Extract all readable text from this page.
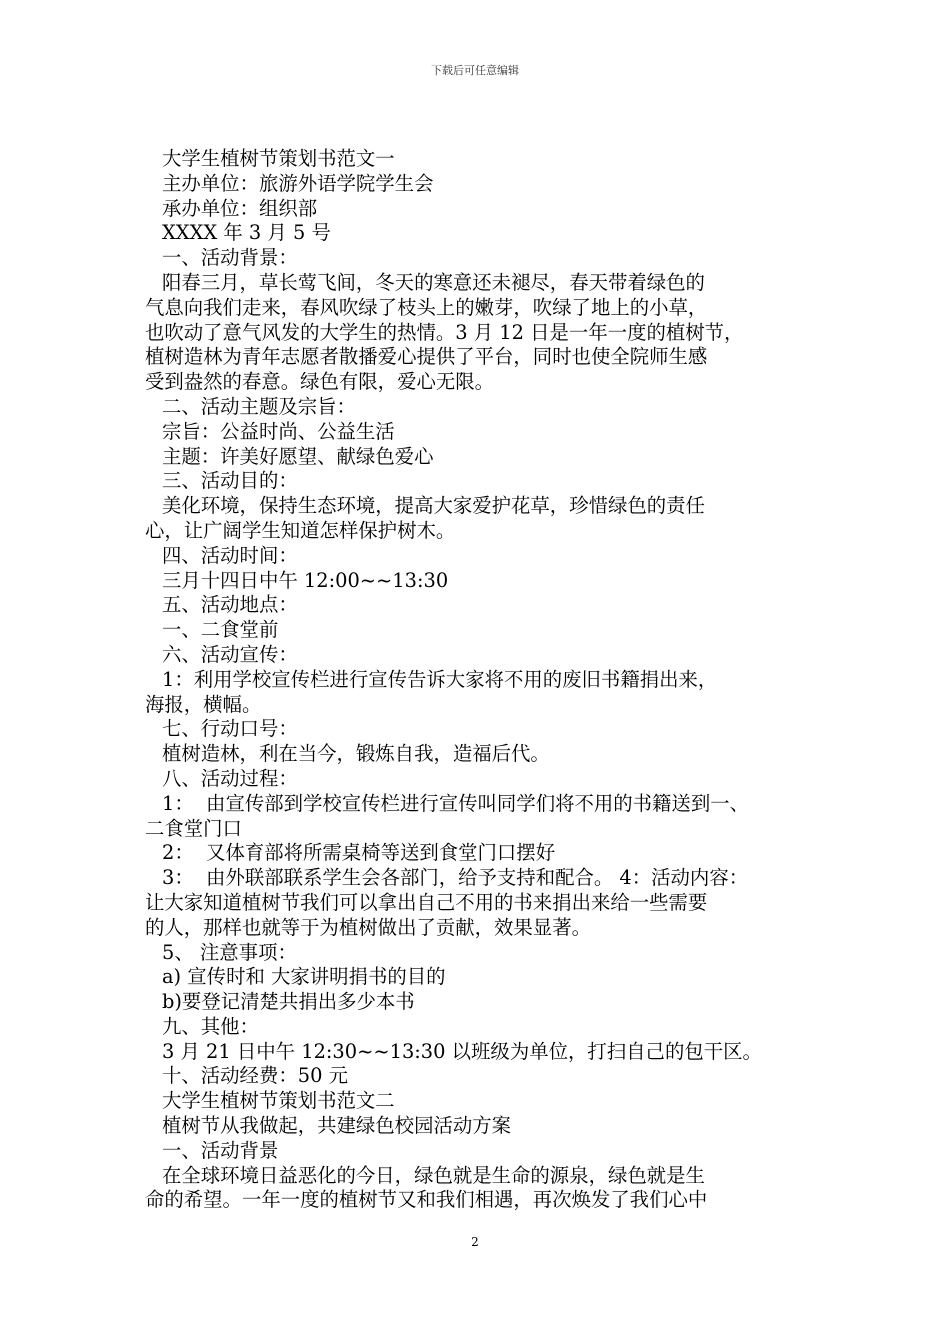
下载后可任意编辑

大学生植树节策划书范文一

主办单位：旅游外语学院学生会

承办单位：组织部

XXXX 年 3 月 5 号

一、活动背景：

阳春三月，草长莺飞间，冬天的寒意还未褪尽，春天带着绿色的

气息向我们走来，春风吹绿了枝头上的嫩芽，吹绿了地上的小草，

也吹动了意气风发的大学生的热情。3 月 12 日是一年一度的植树节，

植树造林为青年志愿者散播爱心提供了平台，同时也使全院师生感

受到盎然的春意。绿色有限，爱心无限。

二、活动主题及宗旨：

宗旨：公益时尚、公益生活

主题：许美好愿望、献绿色爱心

三、活动目的：

美化环境，保持生态环境，提高大家爱护花草，珍惜绿色的责任

心，让广阔学生知道怎样保护树木。

四、活动时间：

三月十四日中午 12:00~~13:30

五、活动地点：

一、二食堂前

六、活动宣传：

1：利用学校宣传栏进行宣传告诉大家将不用的废旧书籍捐出来，

海报，横幅。

七、行动口号：

植树造林，利在当今，锻炼自我，造福后代。

八、活动过程：

1：  由宣传部到学校宣传栏进行宣传叫同学们将不用的书籍送到一、

二食堂门口

2：  又体育部将所需桌椅等送到食堂门口摆好

3：  由外联部联系学生会各部门，给予支持和配合。 4：活动内容：

让大家知道植树节我们可以拿出自己不用的书来捐出来给一些需要

的人，那样也就等于为植树做出了贡献，效果显著。

5、 注意事项：

a) 宣传时和 大家讲明捐书的目的

b)要登记清楚共捐出多少本书

九、其他：

3 月 21 日中午 12:30~~13:30 以班级为单位，打扫自己的包干区。

十、活动经费：50 元

大学生植树节策划书范文二

植树节从我做起，共建绿色校园活动方案

一、活动背景

在全球环境日益恶化的今日，绿色就是生命的源泉，绿色就是生

命的希望。一年一度的植树节又和我们相遇，再次焕发了我们心中

2
